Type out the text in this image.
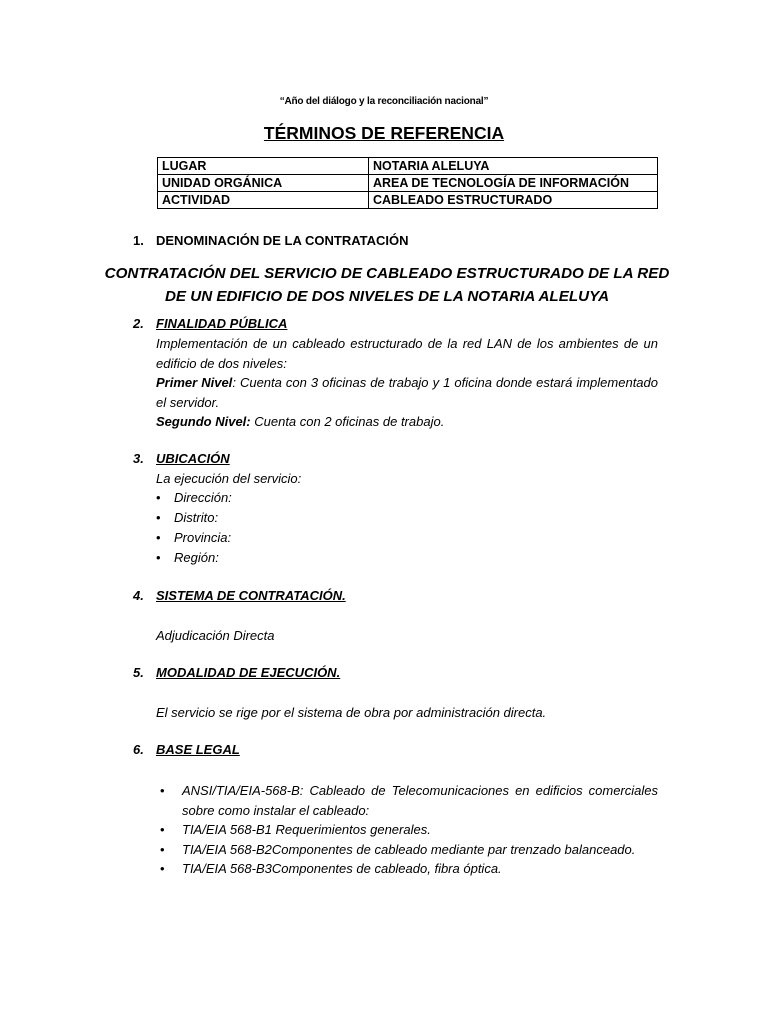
“Año del diálogo y la reconciliación nacional”
TÉRMINOS DE REFERENCIA
LUGAR	NOTARIA ALELUYA
UNIDAD ORGÁNICA	AREA DE TECNOLOGÍA DE INFORMACIÓN
ACTIVIDAD	CABLEADO ESTRUCTURADO
1. DENOMINACIÓN DE LA CONTRATACIÓN
CONTRATACIÓN DEL SERVICIO DE CABLEADO ESTRUCTURADO DE LA RED
DE UN EDIFICIO DE DOS NIVELES DE LA NOTARIA ALELUYA
2. FINALIDAD PÚBLICA

Implementación de un cableado estructurado de la red LAN de los ambientes de un edificio de dos niveles:

Primer Nivel: Cuenta con 3 oficinas de trabajo y 1 oficina donde estará implementado el servidor.

Segundo Nivel: Cuenta con 2 oficinas de trabajo.

3. UBICACIÓN
La ejecución del servicio:
• Dirección:
• Distrito:
• Provincia:
• Región:
4. SISTEMA DE CONTRATACIÓN.
Adjudicación Directa
5. MODALIDAD DE EJECUCIÓN.
El servicio se rige por el sistema de obra por administración directa.
6. BASE LEGAL
• ANSI/TIA/EIA-568-B: Cableado de Telecomunicaciones en edificios comerciales sobre como instalar el cableado:
• TIA/EIA 568-B1 Requerimientos generales.
• TIA/EIA 568-B2Componentes de cableado mediante par trenzado balanceado.
• TIA/EIA 568-B3Componentes de cableado, fibra óptica.
